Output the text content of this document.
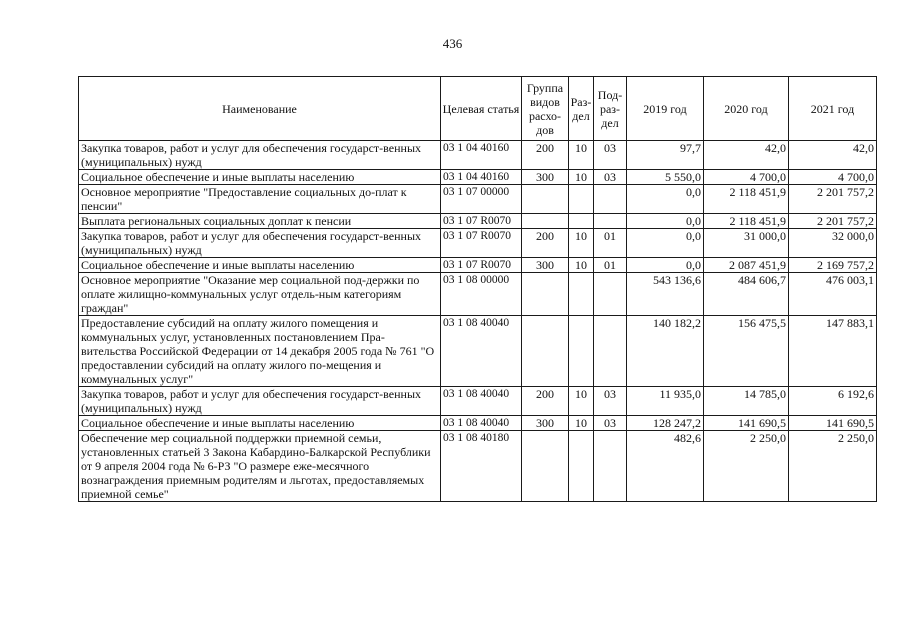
436
Наименование	Целевая статья	Группа видов расхо-дов	Раз-дел	Под-раз-дел	2019 год	2020 год	2021 год
Закупка товаров, работ и услуг для обеспечения государст-венных (муниципальных) нужд	03 1 04 40160	200	10	03	97,7	42,0	42,0
Социальное обеспечение и иные выплаты населению	03 1 04 40160	300	10	03	5 550,0	4 700,0	4 700,0
Основное мероприятие "Предоставление социальных до-плат к пенсии"	03 1 07 00000				0,0	2 118 451,9	2 201 757,2
Выплата региональных социальных доплат к пенсии	03 1 07 R0070				0,0	2 118 451,9	2 201 757,2
Закупка товаров, работ и услуг для обеспечения государст-венных (муниципальных) нужд	03 1 07 R0070	200	10	01	0,0	31 000,0	32 000,0
Социальное обеспечение и иные выплаты населению	03 1 07 R0070	300	10	01	0,0	2 087 451,9	2 169 757,2
Основное мероприятие "Оказание мер социальной под-держки по оплате жилищно-коммунальных услуг отдель-ным категориям граждан"	03 1 08 00000				543 136,6	484 606,7	476 003,1
Предоставление субсидий на оплату жилого помещения и коммунальных услуг, установленных постановлением Пра-вительства Российской Федерации от 14 декабря 2005 года № 761 "О предоставлении субсидий на оплату жилого по-мещения и коммунальных услуг"	03 1 08 40040				140 182,2	156 475,5	147 883,1
Закупка товаров, работ и услуг для обеспечения государст-венных (муниципальных) нужд	03 1 08 40040	200	10	03	11 935,0	14 785,0	6 192,6
Социальное обеспечение и иные выплаты населению	03 1 08 40040	300	10	03	128 247,2	141 690,5	141 690,5
Обеспечение мер социальной поддержки приемной семьи, установленных статьей 3 Закона Кабардино-Балкарской Республики от 9 апреля 2004 года № 6-РЗ "О размере еже-месячного вознаграждения приемным родителям и льготах, предоставляемых приемной семье"	03 1 08 40180				482,6	2 250,0	2 250,0
